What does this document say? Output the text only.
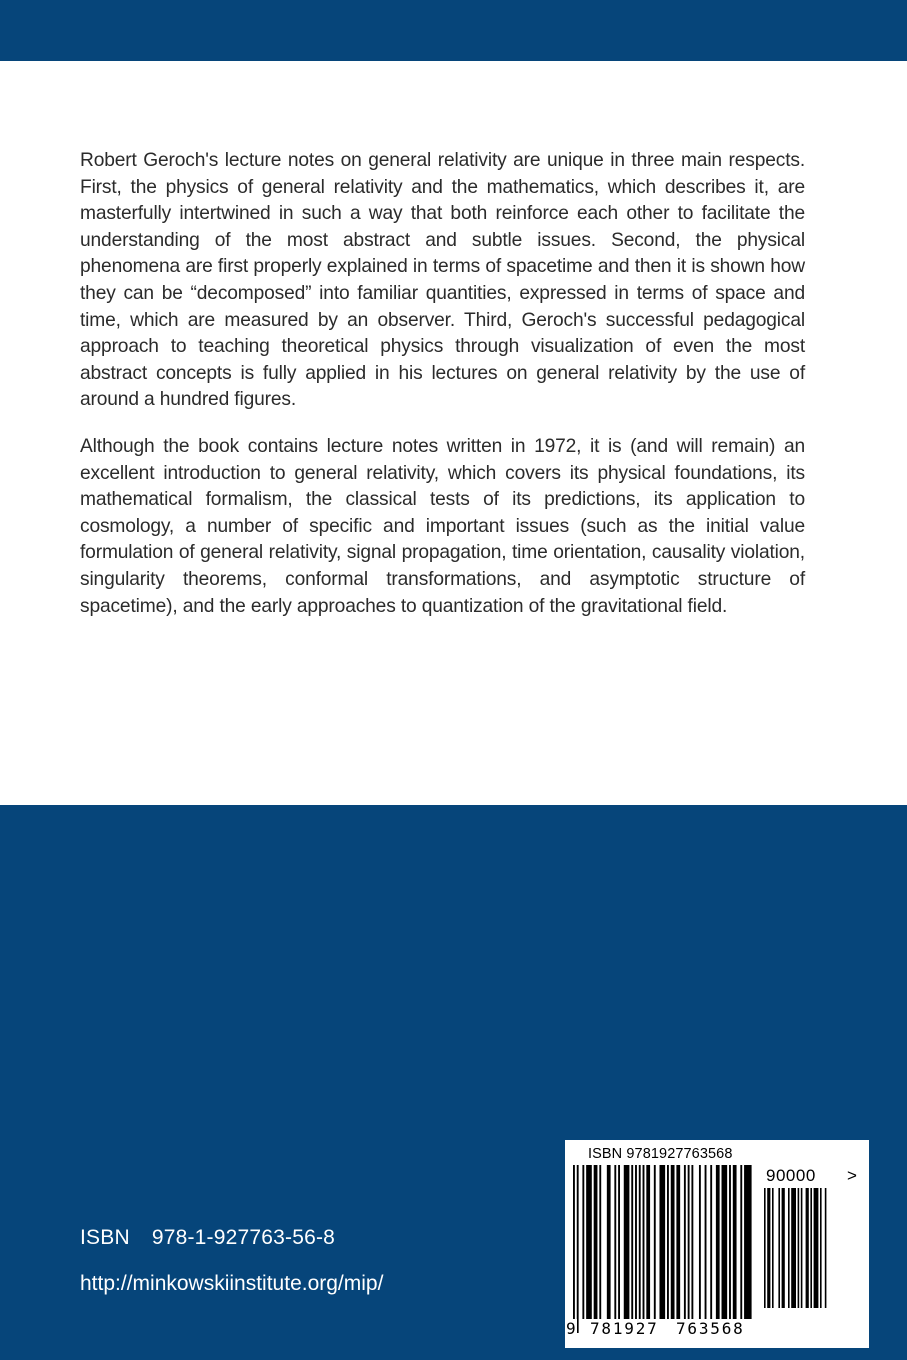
Robert Geroch's lecture notes on general relativity are unique in three main respects. First, the physics of general relativity and the mathematics, which describes it, are masterfully intertwined in such a way that both reinforce each other to facilitate the understanding of the most abstract and subtle issues. Second, the physical phenomena are first properly explained in terms of spacetime and then it is shown how they can be “decomposed” into familiar quantities, expressed in terms of space and time, which are measured by an observer. Third, Geroch's successful pedagogical approach to teaching theoretical physics through visualization of even the most abstract concepts is fully applied in his lectures on general relativity by the use of around a hundred figures.

Although the book contains lecture notes written in 1972, it is (and will remain) an excellent introduction to general relativity, which covers its physical foundations, its mathematical formalism, the classical tests of its predictions, its application to cosmology, a number of specific and important issues (such as the initial value formulation of general relativity, signal propagation, time orientation, causality violation, singularity theorems, conformal transformations, and asymptotic structure of spacetime), and the early approaches to quantization of the gravitational field.

ISBN 978-1-927763-56-8
http://minkowskiinstitute.org/mip/
ISBN 9781927763568
90000 >
9 781927 763568
